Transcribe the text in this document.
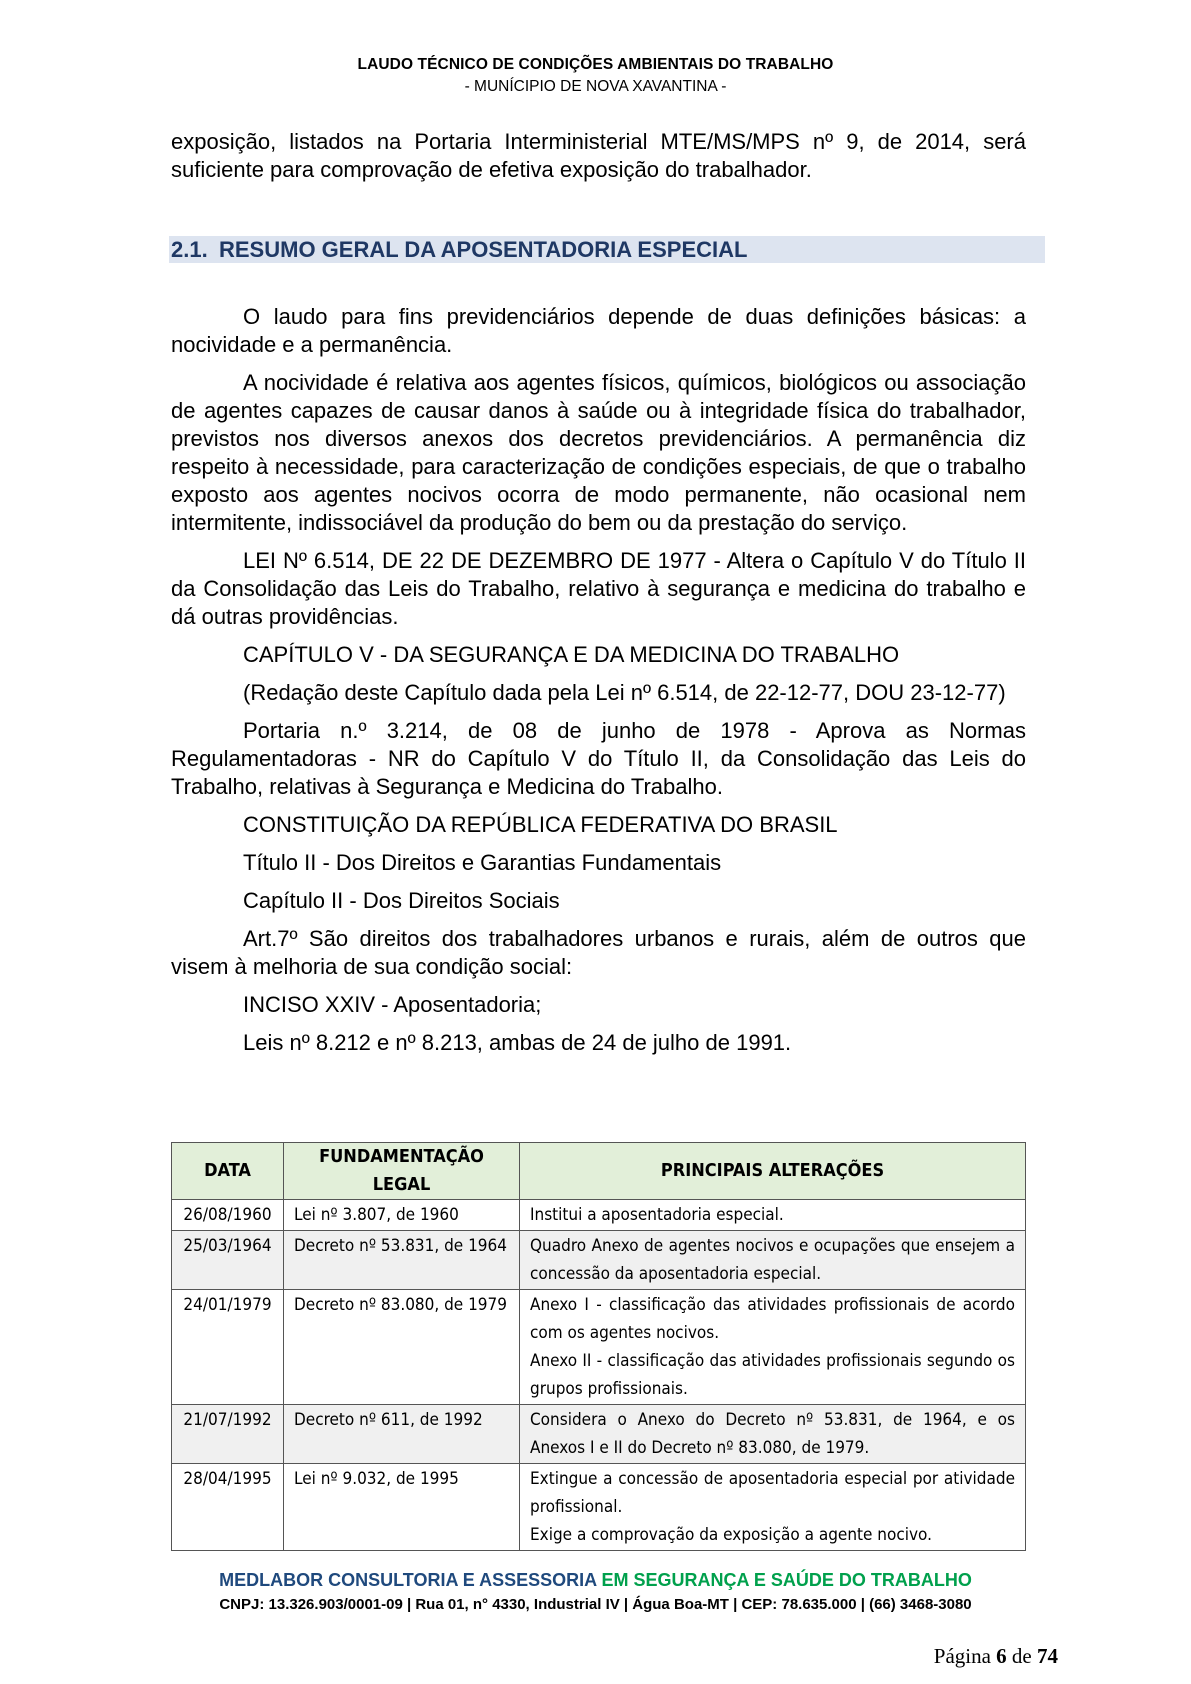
LAUDO TÉCNICO DE CONDIÇÕES AMBIENTAIS DO TRABALHO
- MUNÍCIPIO DE NOVA XAVANTINA -

exposição, listados na Portaria Interministerial MTE/MS/MPS nº 9, de 2014, será suficiente para comprovação de efetiva exposição do trabalhador.

2.1. RESUMO GERAL DA APOSENTADORIA ESPECIAL

O laudo para fins previdenciários depende de duas definições básicas: a nocividade e a permanência.

A nocividade é relativa aos agentes físicos, químicos, biológicos ou associação de agentes capazes de causar danos à saúde ou à integridade física do trabalhador, previstos nos diversos anexos dos decretos previdenciários. A permanência diz respeito à necessidade, para caracterização de condições especiais, de que o trabalho exposto aos agentes nocivos ocorra de modo permanente, não ocasional nem intermitente, indissociável da produção do bem ou da prestação do serviço.

LEI Nº 6.514, DE 22 DE DEZEMBRO DE 1977 - Altera o Capítulo V do Título II da Consolidação das Leis do Trabalho, relativo à segurança e medicina do trabalho e dá outras providências.

CAPÍTULO V - DA SEGURANÇA E DA MEDICINA DO TRABALHO

(Redação deste Capítulo dada pela Lei nº 6.514, de 22-12-77, DOU 23-12-77)

Portaria n.º 3.214, de 08 de junho de 1978 - Aprova as Normas Regulamentadoras - NR do Capítulo V do Título II, da Consolidação das Leis do Trabalho, relativas à Segurança e Medicina do Trabalho.

CONSTITUIÇÃO DA REPÚBLICA FEDERATIVA DO BRASIL

Título II - Dos Direitos e Garantias Fundamentais

Capítulo II - Dos Direitos Sociais

Art.7º São direitos dos trabalhadores urbanos e rurais, além de outros que visem à melhoria de sua condição social:

INCISO XXIV - Aposentadoria;

Leis nº 8.212 e nº 8.213, ambas de 24 de julho de 1991.

DATA	FUNDAMENTAÇÃO LEGAL	PRINCIPAIS ALTERAÇÕES
26/08/1960	Lei nº 3.807, de 1960	Institui a aposentadoria especial.

25/03/1964	Decreto nº 53.831, de 1964	Quadro Anexo de agentes nocivos e ocupações que ensejem a concessão da aposentadoria especial.

24/01/1979	Decreto nº 83.080, de 1979	Anexo I - classificação das atividades profissionais de acordo com os agentes nocivos.
Anexo II - classificação das atividades profissionais segundo os grupos profissionais.

21/07/1992	Decreto nº 611, de 1992	Considera o Anexo do Decreto nº 53.831, de 1964, e os Anexos I e II do Decreto nº 83.080, de 1979.

28/04/1995	Lei nº 9.032, de 1995	Extingue a concessão de aposentadoria especial por atividade profissional.
Exige a comprovação da exposição a agente nocivo.
MEDLABOR CONSULTORIA E ASSESSORIA EM SEGURANÇA E SAÚDE DO TRABALHO
CNPJ: 13.326.903/0001-09 | Rua 01, n° 4330, Industrial IV | Água Boa-MT | CEP: 78.635.000 | (66) 3468-3080
Página 6 de 74
